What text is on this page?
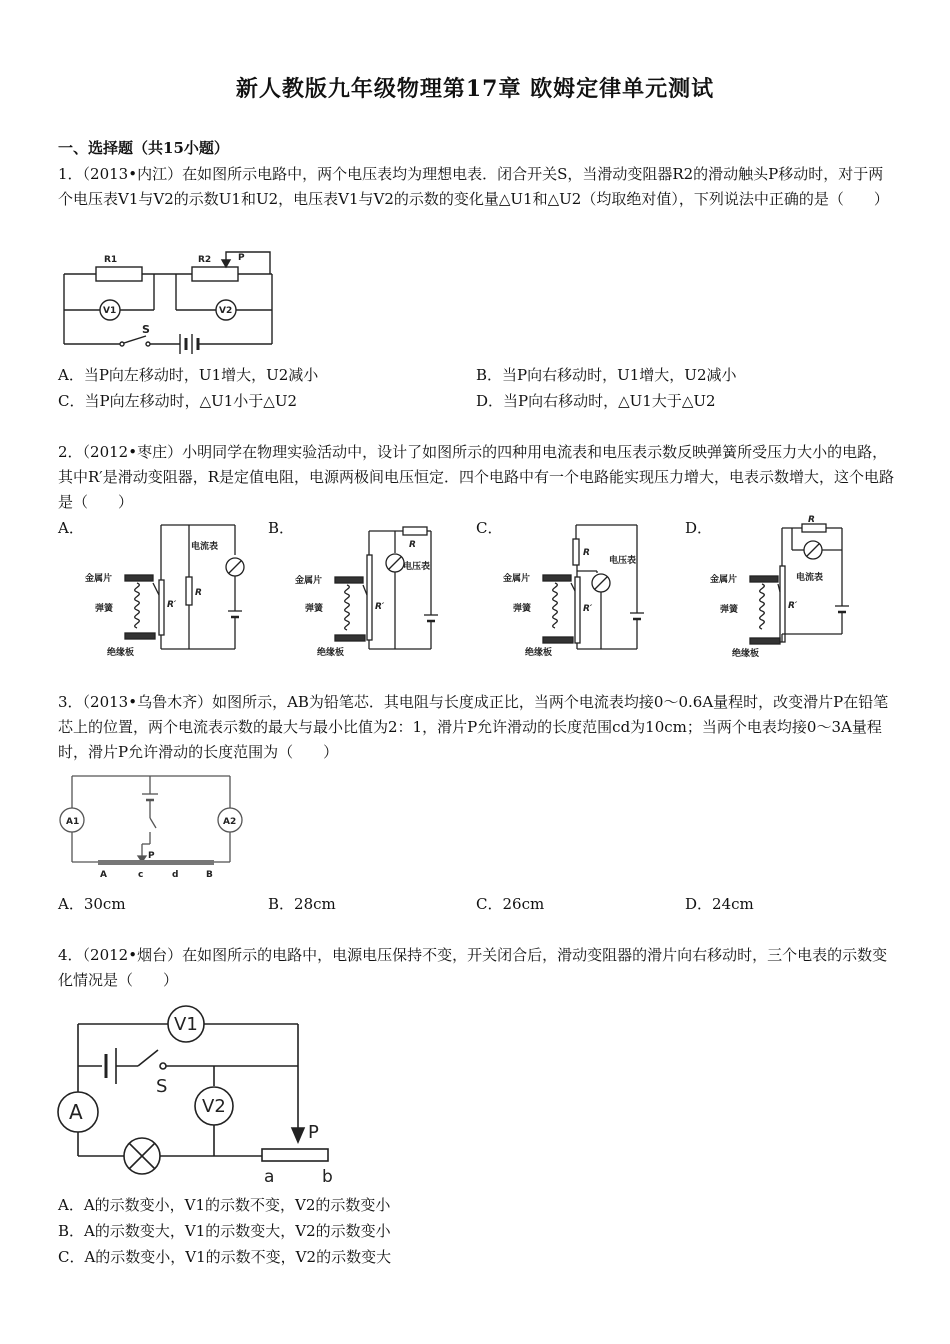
新人教版九年级物理第17章 欧姆定律单元测试
一、选择题（共15小题）
1．（2013•内江）在如图所示电路中，两个电压表均为理想电表．闭合开关S，当滑动变阻器R2的滑动触头P移动时，对于两个电压表V1与V2的示数U1和U2，电压表V1与V2的示数的变化量△U1和△U2（均取绝对值），下列说法中正确的是（　　）
R1	R2	P
V1	V2
S
A．当P向左移动时，U1增大，U2减小	B．当P向右移动时，U1增大，U2减小
C．当P向左移动时，△U1小于△U2	D．当P向右移动时，△U1大于△U2
2．（2012•枣庄）小明同学在物理实验活动中，设计了如图所示的四种用电流表和电压表示数反映弹簧所受压力大小的电路，其中R′是滑动变阻器，R是定值电阻，电源两极间电压恒定．四个电路中有一个电路能实现压力增大，电表示数增大，这个电路是（　　）
A．	B．	C．	D．
金属片
弹簧
绝缘板
R′
R
电流表
金属片
弹簧
绝缘板
R′
R
电压表
金属片
弹簧
绝缘板
R
R′
电压表
金属片
弹簧
绝缘板
R′
R
电流表
3．（2013•乌鲁木齐）如图所示，AB为铅笔芯．其电阻与长度成正比，当两个电流表均接0～0.6A量程时，改变滑片P在铅笔芯上的位置，两个电流表示数的最大与最小比值为2：1，滑片P允许滑动的长度范围cd为10cm；当两个电表均接0～3A量程时，滑片P允许滑动的长度范围为（　　）
A1	A2
P
A	c	d	B
A．30cm	B．28cm	C．26cm	D．24cm
4．（2012•烟台）在如图所示的电路中，电源电压保持不变，开关闭合后，滑动变阻器的滑片向右移动时，三个电表的示数变化情况是（　　）
V1
V2
A
S
P
a	b
A．A的示数变小，V1的示数不变，V2的示数变小
B．A的示数变大，V1的示数变大，V2的示数变小
C．A的示数变小，V1的示数不变，V2的示数变大
